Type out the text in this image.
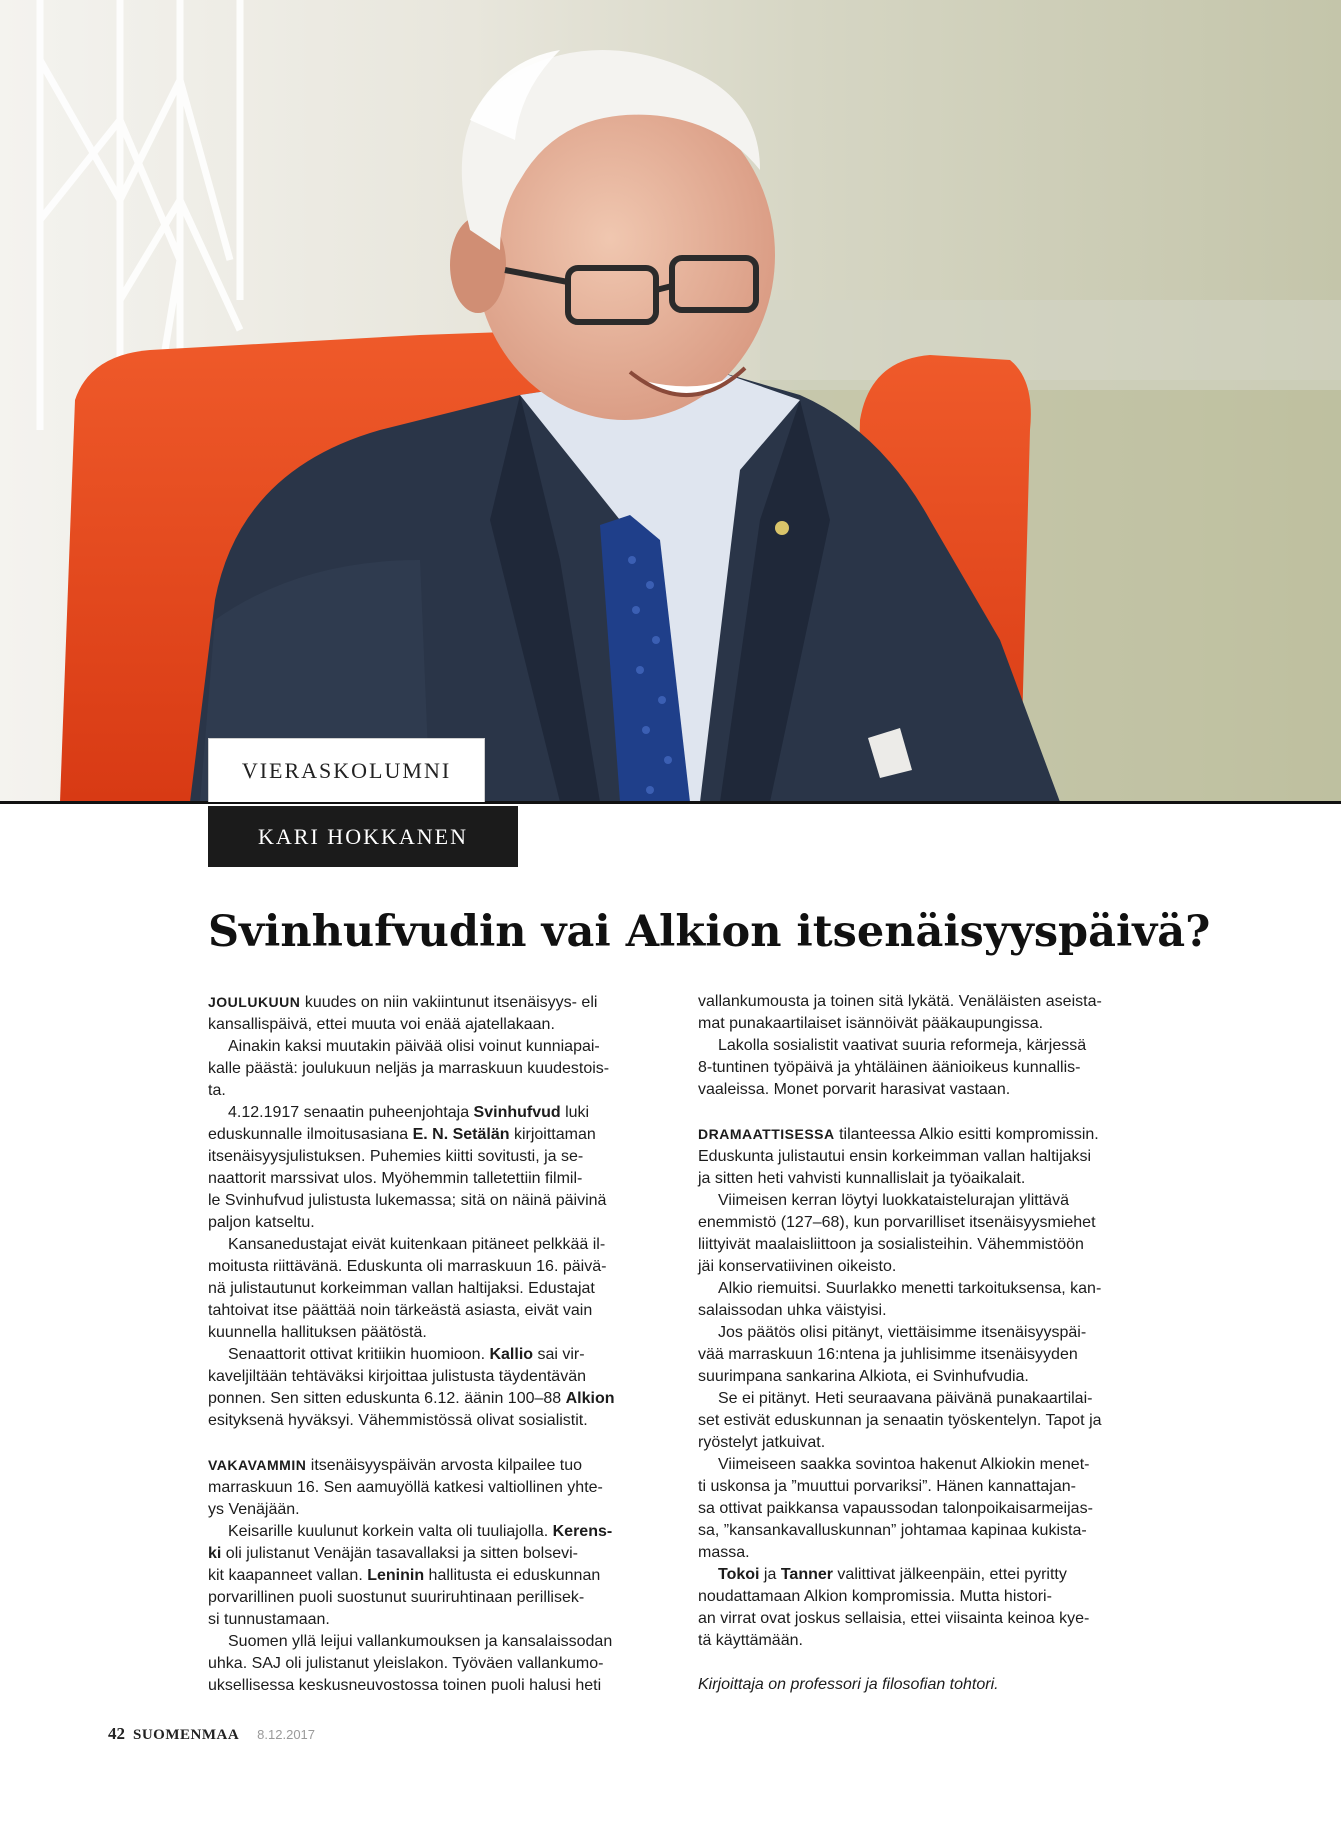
VIERASKOLUMNI
KARI HOKKANEN
Svinhufvudin vai Alkion itsenäisyyspäivä?

JOULUKUUN kuudes on niin vakiintunut itsenäisyys- eli

kansallispäivä, ettei muuta voi enää ajatellakaan.

Ainakin kaksi muutakin päivää olisi voinut kunniapai-

kalle päästä: joulukuun neljäs ja marraskuun kuudestois-

ta.

4.12.1917 senaatin puheenjohtaja Svinhufvud luki

eduskunnalle ilmoitusasiana E. N. Setälän kirjoittaman

itsenäisyysjulistuksen. Puhemies kiitti sovitusti, ja se-

naattorit marssivat ulos. Myöhemmin talletettiin filmil-

le Svinhufvud julistusta lukemassa; sitä on näinä päivinä

paljon katseltu.

Kansanedustajat eivät kuitenkaan pitäneet pelkkää il-

moitusta riittävänä. Eduskunta oli marraskuun 16. päivä-

nä julistautunut korkeimman vallan haltijaksi. Edustajat

tahtoivat itse päättää noin tärkeästä asiasta, eivät vain

kuunnella hallituksen päätöstä.

Senaattorit ottivat kritiikin huomioon. Kallio sai vir-

kaveljiltään tehtäväksi kirjoittaa julistusta täydentävän

ponnen. Sen sitten eduskunta 6.12. äänin 100–88 Alkion

esityksenä hyväksyi. Vähemmistössä olivat sosialistit.

VAKAVAMMIN itsenäisyyspäivän arvosta kilpailee tuo

marraskuun 16. Sen aamuyöllä katkesi valtiollinen yhte-

ys Venäjään.

Keisarille kuulunut korkein valta oli tuuliajolla. Kerens-

ki oli julistanut Venäjän tasavallaksi ja sitten bolsevi-

kit kaapanneet vallan. Leninin hallitusta ei eduskunnan

porvarillinen puoli suostunut suuriruhtinaan perillisek-

si tunnustamaan.

Suomen yllä leijui vallankumouksen ja kansalaissodan

uhka. SAJ oli julistanut yleislakon. Työväen vallankumo-

uksellisessa keskusneuvostossa toinen puoli halusi heti

vallankumousta ja toinen sitä lykätä. Venäläisten aseista-

mat punakaartilaiset isännöivät pääkaupungissa.

Lakolla sosialistit vaativat suuria reformeja, kärjessä

8-tuntinen työpäivä ja yhtäläinen äänioikeus kunnallis-

vaaleissa. Monet porvarit harasivat vastaan.

DRAMAATTISESSA tilanteessa Alkio esitti kompromissin.

Eduskunta julistautui ensin korkeimman vallan haltijaksi

ja sitten heti vahvisti kunnallislait ja työaikalait.

Viimeisen kerran löytyi luokkataistelurajan ylittävä

enemmistö (127–68), kun porvarilliset itsenäisyysmiehet

liittyivät maalaisliittoon ja sosialisteihin. Vähemmistöön

jäi konservatiivinen oikeisto.

Alkio riemuitsi. Suurlakko menetti tarkoituksensa, kan-

salaissodan uhka väistyisi.

Jos päätös olisi pitänyt, viettäisimme itsenäisyyspäi-

vää marraskuun 16:ntena ja juhlisimme itsenäisyyden

suurimpana sankarina Alkiota, ei Svinhufvudia.

Se ei pitänyt. Heti seuraavana päivänä punakaartilai-

set estivät eduskunnan ja senaatin työskentelyn. Tapot ja

ryöstelyt jatkuivat.

Viimeiseen saakka sovintoa hakenut Alkiokin menet-

ti uskonsa ja ”muuttui porvariksi”. Hänen kannattajan-

sa ottivat paikkansa vapaussodan talonpoikaisarmeijas-

sa, ”kansankavalluskunnan” johtamaa kapinaa kukista-

massa.

Tokoi ja Tanner valittivat jälkeenpäin, ettei pyritty

noudattamaan Alkion kompromissia. Mutta histori-

an virrat ovat joskus sellaisia, ettei viisainta keinoa kye-

tä käyttämään.

Kirjoittaja on professori ja filosofian tohtori.

42 SUOMENMAA 8.12.2017
